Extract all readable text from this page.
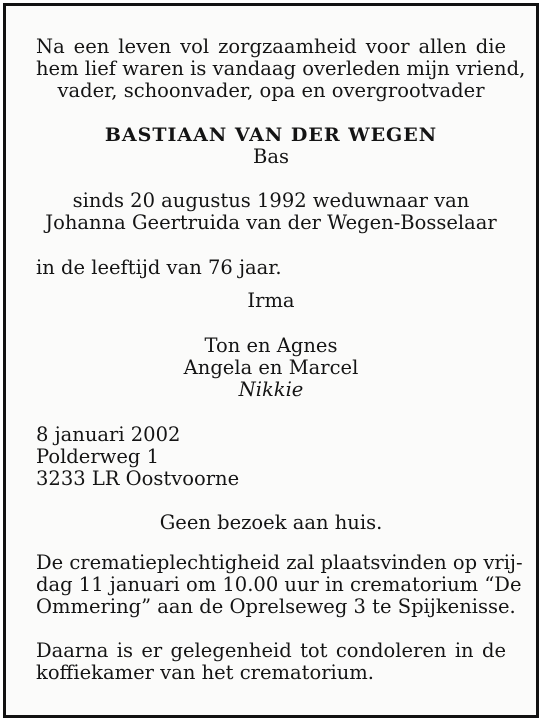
Na een leven vol zorgzaamheid voor allen die
hem lief waren is vandaag overleden mijn vriend,
vader, schoonvader, opa en overgrootvader
BASTIAAN VAN DER WEGEN
Bas
sinds 20 augustus 1992 weduwnaar van
Johanna Geertruida van der Wegen-Bosselaar
in de leeftijd van 76 jaar.
Irma
Ton en Agnes
Angela en Marcel
Nikkie
8 januari 2002
Polderweg 1
3233 LR Oostvoorne
Geen bezoek aan huis.
De crematieplechtigheid zal plaatsvinden op vrij-
dag 11 januari om 10.00 uur in crematorium “De
Ommering” aan de Oprelseweg 3 te Spijkenisse.
Daarna is er gelegenheid tot condoleren in de
koffiekamer van het crematorium.
